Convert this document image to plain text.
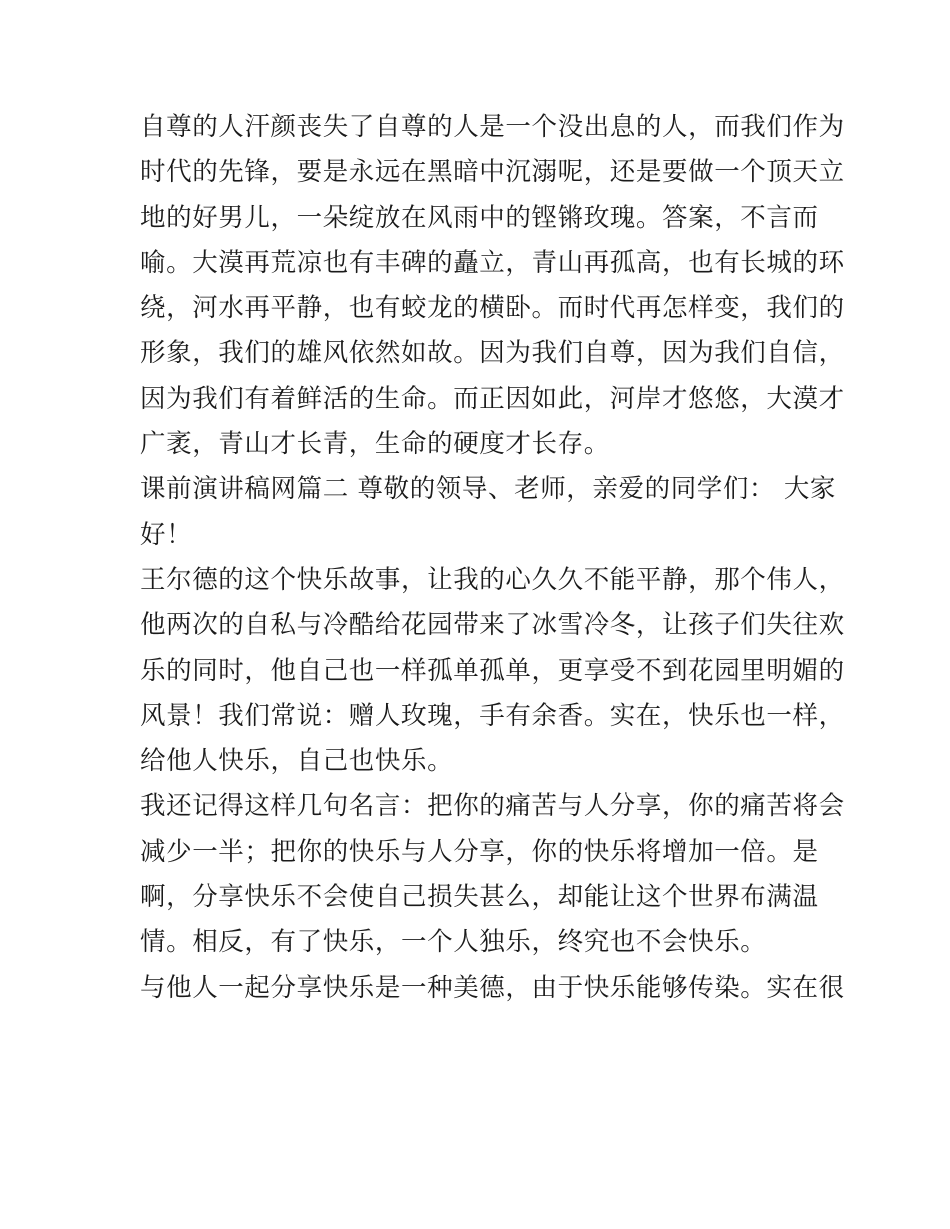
自尊的人汗颜丧失了自尊的人是一个没出息的人，而我们作为
时代的先锋，要是永远在黑暗中沉溺呢，还是要做一个顶天立
地的好男儿，一朵绽放在风雨中的铿锵玫瑰。答案，不言而
喻。大漠再荒凉也有丰碑的矗立，青山再孤高，也有长城的环
绕，河水再平静，也有蛟龙的横卧。而时代再怎样变，我们的
形象，我们的雄风依然如故。因为我们自尊，因为我们自信，
因为我们有着鲜活的生命。而正因如此，河岸才悠悠，大漠才
广袤，青山才长青，生命的硬度才长存。
课前演讲稿网篇二 尊敬的领导、老师，亲爱的同学们： 大家
好！
王尔德的这个快乐故事，让我的心久久不能平静，那个伟人，
他两次的自私与冷酷给花园带来了冰雪冷冬，让孩子们失往欢
乐的同时，他自己也一样孤单孤单，更享受不到花园里明媚的
风景！我们常说：赠人玫瑰，手有余香。实在，快乐也一样，
给他人快乐，自己也快乐。
我还记得这样几句名言：把你的痛苦与人分享，你的痛苦将会
减少一半；把你的快乐与人分享，你的快乐将增加一倍。是
啊，分享快乐不会使自己损失甚么，却能让这个世界布满温
情。相反，有了快乐，一个人独乐，终究也不会快乐。
与他人一起分享快乐是一种美德，由于快乐能够传染。实在很
